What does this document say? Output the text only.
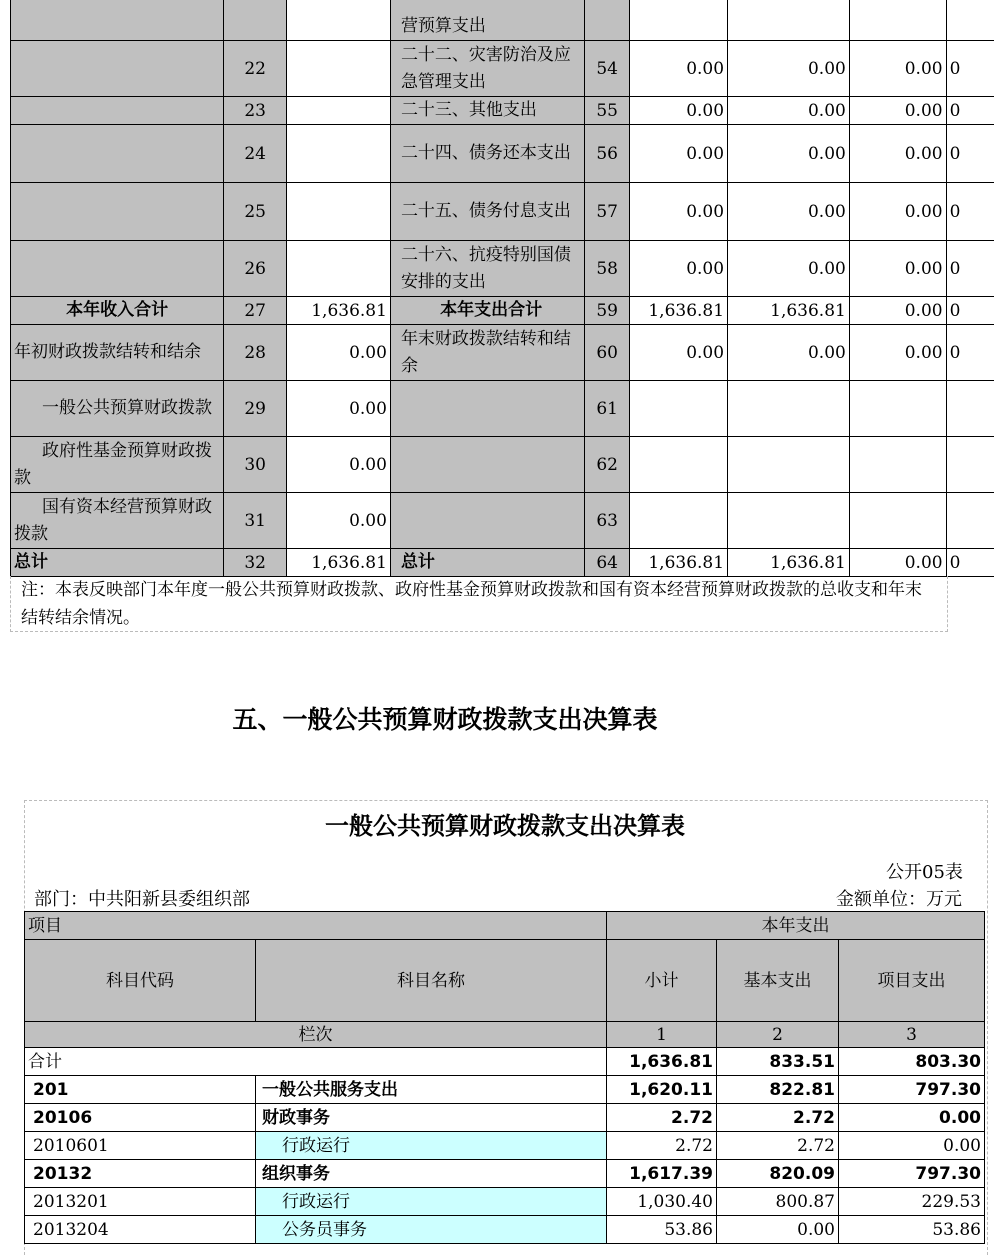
			营预算支出					
	22		二十二、灾害防治及应急管理支出	54	0.00	0.00	0.00	0
	23		二十三、其他支出	55	0.00	0.00	0.00	0
	24		二十四、债务还本支出	56	0.00	0.00	0.00	0
	25		二十五、债务付息支出	57	0.00	0.00	0.00	0
	26		二十六、抗疫特别国债安排的支出	58	0.00	0.00	0.00	0
本年收入合计	27	1,636.81	本年支出合计	59	1,636.81	1,636.81	0.00	0
年初财政拨款结转和结余	28	0.00	年末财政拨款结转和结余	60	0.00	0.00	0.00	0
一般公共预算财政拨款	29	0.00		61				
政府性基金预算财政拨款	30	0.00		62				
国有资本经营预算财政拨款	31	0.00		63				
总计	32	1,636.81	总计	64	1,636.81	1,636.81	0.00	0
注：本表反映部门本年度一般公共预算财政拨款、政府性基金预算财政拨款和国有资本经营预算财政拨款的总收支和年末结转结余情况。
五、一般公共预算财政拨款支出决算表
一般公共预算财政拨款支出决算表
公开05表
部门：中共阳新县委组织部	金额单位：万元
项目		本年支出		
科目代码	科目名称	小计	基本支出	项目支出
栏次		1	2	3
合计		1,636.81	833.51	803.30
201	一般公共服务支出	1,620.11	822.81	797.30
20106	财政事务	2.72	2.72	0.00
2010601	行政运行	2.72	2.72	0.00
20132	组织事务	1,617.39	820.09	797.30
2013201	行政运行	1,030.40	800.87	229.53
2013204	公务员事务	53.86	0.00	53.86
